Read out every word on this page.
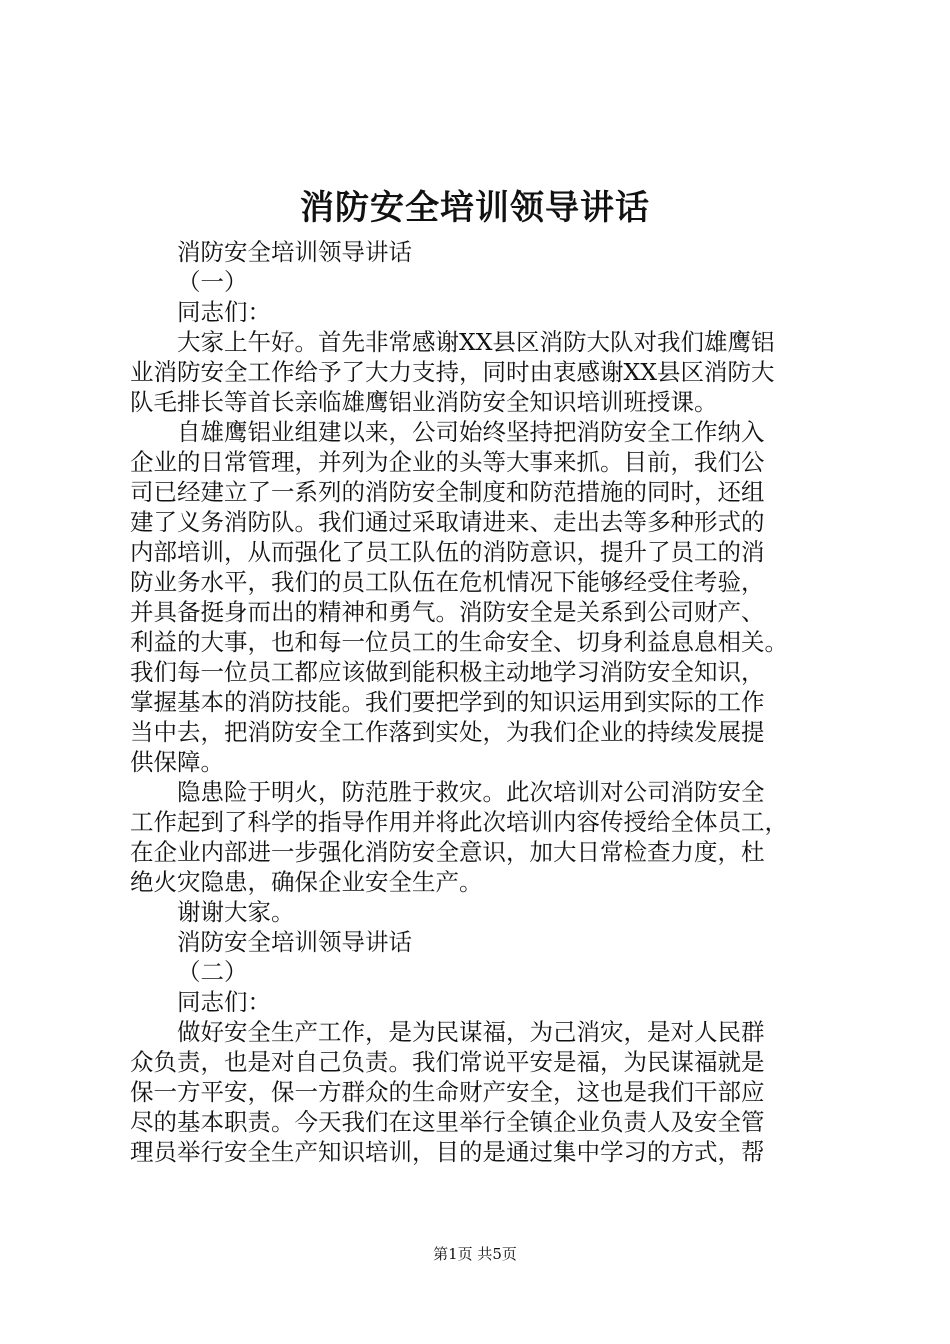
消防安全培训领导讲话
消防安全培训领导讲话
（一）
同志们：
大家上午好。首先非常感谢XX县区消防大队对我们雄鹰铝
业消防安全工作给予了大力支持，同时由衷感谢XX县区消防大
队毛排长等首长亲临雄鹰铝业消防安全知识培训班授课。
自雄鹰铝业组建以来，公司始终坚持把消防安全工作纳入
企业的日常管理，并列为企业的头等大事来抓。目前，我们公
司已经建立了一系列的消防安全制度和防范措施的同时，还组
建了义务消防队。我们通过采取请进来、走出去等多种形式的
内部培训，从而强化了员工队伍的消防意识，提升了员工的消
防业务水平，我们的员工队伍在危机情况下能够经受住考验，
并具备挺身而出的精神和勇气。消防安全是关系到公司财产、
利益的大事，也和每一位员工的生命安全、切身利益息息相关。
我们每一位员工都应该做到能积极主动地学习消防安全知识，
掌握基本的消防技能。我们要把学到的知识运用到实际的工作
当中去，把消防安全工作落到实处，为我们企业的持续发展提
供保障。
隐患险于明火，防范胜于救灾。此次培训对公司消防安全
工作起到了科学的指导作用并将此次培训内容传授给全体员工，
在企业内部进一步强化消防安全意识，加大日常检查力度，杜
绝火灾隐患，确保企业安全生产。
谢谢大家。
消防安全培训领导讲话
（二）
同志们：
做好安全生产工作，是为民谋福，为己消灾，是对人民群
众负责，也是对自己负责。我们常说平安是福，为民谋福就是
保一方平安，保一方群众的生命财产安全，这也是我们干部应
尽的基本职责。今天我们在这里举行全镇企业负责人及安全管
理员举行安全生产知识培训，目的是通过集中学习的方式，帮
第1页 共5页
